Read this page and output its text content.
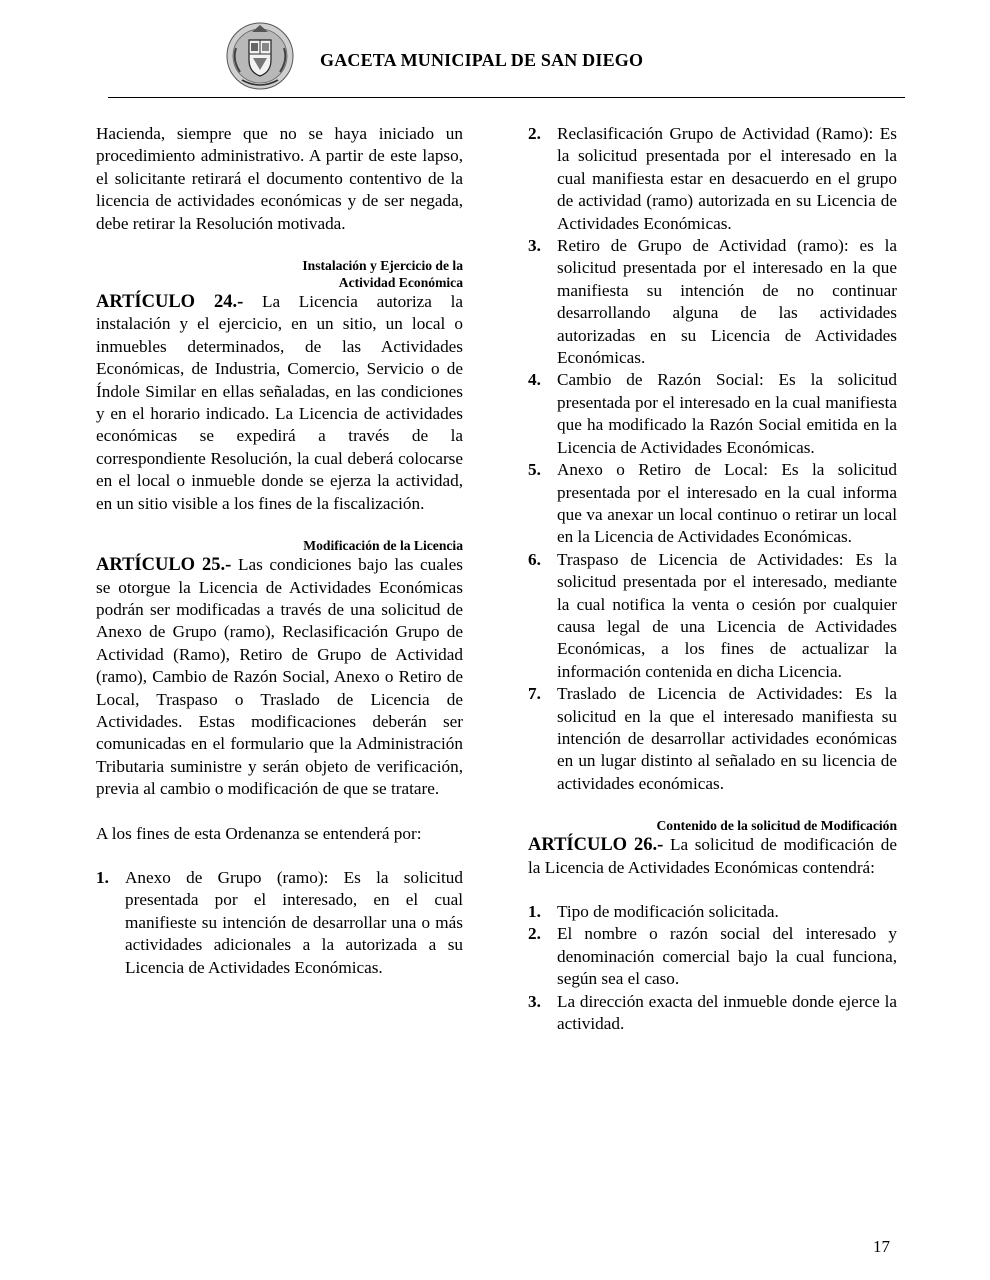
GACETA MUNICIPAL DE SAN DIEGO

Hacienda, siempre que no se haya iniciado un procedimiento administrativo. A partir de este lapso, el solicitante retirará el documento contentivo de la licencia de actividades económicas y de ser negada, debe retirar la Resolución motivada.

Instalación y Ejercicio de la
Actividad Económica

ARTÍCULO 24.- La Licencia autoriza la instalación y el ejercicio, en un sitio, un local o inmuebles determinados, de las Actividades Económicas, de Industria, Comercio, Servicio o de Índole Similar en ellas señaladas, en las condiciones y en el horario indicado. La Licencia de actividades económicas se expedirá a través de la correspondiente Resolución, la cual deberá colocarse en el local o inmueble donde se ejerza la actividad, en un sitio visible a los fines de la fiscalización.

Modificación de la Licencia

ARTÍCULO 25.- Las condiciones bajo las cuales se otorgue la Licencia de Actividades Económicas podrán ser modificadas a través de una solicitud de Anexo de Grupo (ramo), Reclasificación Grupo de Actividad (Ramo), Retiro de Grupo de Actividad (ramo), Cambio de Razón Social, Anexo o Retiro de Local, Traspaso o Traslado de Licencia de Actividades. Estas modificaciones deberán ser comunicadas en el formulario que la Administración Tributaria suministre y serán objeto de verificación, previa al cambio o modificación de que se tratare.

A los fines de esta Ordenanza se entenderá por:

1. Anexo de Grupo (ramo): Es la solicitud presentada por el interesado, en el cual manifieste su intención de desarrollar una o más actividades adicionales a la autorizada a su Licencia de Actividades Económicas.
2. Reclasificación Grupo de Actividad (Ramo): Es la solicitud presentada por el interesado en la cual manifiesta estar en desacuerdo en el grupo de actividad (ramo) autorizada en su Licencia de Actividades Económicas.
3. Retiro de Grupo de Actividad (ramo): es la solicitud presentada por el interesado en la que manifiesta su intención de no continuar desarrollando alguna de las actividades autorizadas en su Licencia de Actividades Económicas.
4. Cambio de Razón Social: Es la solicitud presentada por el interesado en la cual manifiesta que ha modificado la Razón Social emitida en la Licencia de Actividades Económicas.
5. Anexo o Retiro de Local: Es la solicitud presentada por el interesado en la cual informa que va anexar un local continuo o retirar un local en la Licencia de Actividades Económicas.
6. Traspaso de Licencia de Actividades: Es la solicitud presentada por el interesado, mediante la cual notifica la venta o cesión por cualquier causa legal de una Licencia de Actividades Económicas, a los fines de actualizar la información contenida en dicha Licencia.
7. Traslado de Licencia de Actividades: Es la solicitud en la que el interesado manifiesta su intención de desarrollar actividades económicas en un lugar distinto al señalado en su licencia de actividades económicas.

Contenido de la solicitud de Modificación

ARTÍCULO 26.- La solicitud de modificación de la Licencia de Actividades Económicas contendrá:

1. Tipo de modificación solicitada.
2. El nombre o razón social del interesado y denominación comercial bajo la cual funciona, según sea el caso.
3. La dirección exacta del inmueble donde ejerce la actividad.
17
